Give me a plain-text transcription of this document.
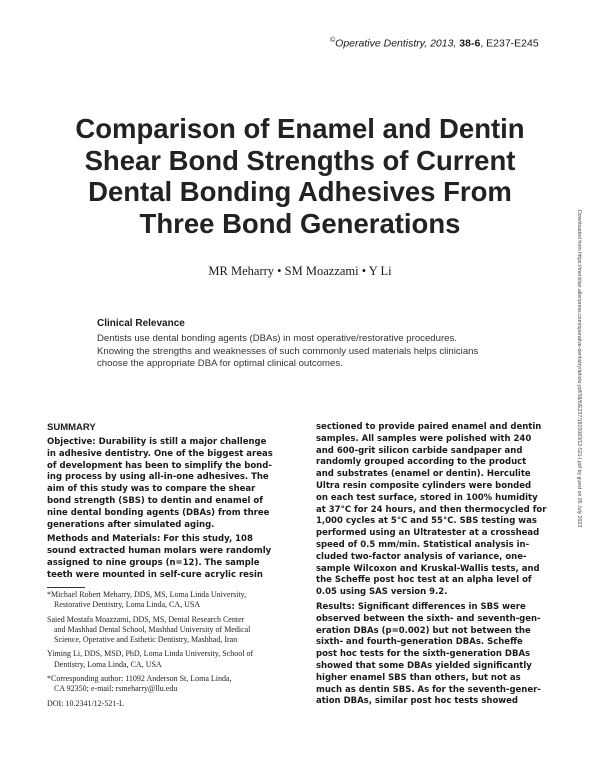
©Operative Dentistry, 2013, 38-6, E237-E245
Comparison of Enamel and Dentin
Shear Bond Strengths of Current
Dental Bonding Adhesives From
Three Bond Generations
MR Meharry • SM Moazzami • Y Li	Downloaded from https://meridian.allenpress.com/operative-dentistry/article-pdf/38/6/E237/1815083/12-521-l.pdf by guest on 05 July 2022
Clinical Relevance
Dentists use dental bonding agents (DBAs) in most operative/restorative procedures.
Knowing the strengths and weaknesses of such commonly used materials helps clinicians
choose the appropriate DBA for optimal clinical outcomes.
SUMMARY
Objective: Durability is still a major challenge
in adhesive dentistry. One of the biggest areas
of development has been to simplify the bond-
ing process by using all-in-one adhesives. The
aim of this study was to compare the shear
bond strength (SBS) to dentin and enamel of
nine dental bonding agents (DBAs) from three
generations after simulated aging.
Methods and Materials: For this study, 108
sound extracted human molars were randomly
assigned to nine groups (n=12). The sample
teeth were mounted in self-cure acrylic resin
sectioned to provide paired enamel and dentin
samples. All samples were polished with 240
and 600-grit silicon carbide sandpaper and
randomly grouped according to the product
and substrates (enamel or dentin). Herculite
Ultra resin composite cylinders were bonded
on each test surface, stored in 100% humidity
at 37°C for 24 hours, and then thermocycled for
1,000 cycles at 5°C and 55°C. SBS testing was
performed using an Ultratester at a crosshead
speed of 0.5 mm/min. Statistical analysis in-
cluded two-factor analysis of variance, one-
sample Wilcoxon and Kruskal-Wallis tests, and
the Scheffe post hoc test at an alpha level of
0.05 using SAS version 9.2.
Results: Significant differences in SBS were
observed between the sixth- and seventh-gen-
eration DBAs (p=0.002) but not between the
sixth- and fourth-generation DBAs. Scheffe
post hoc tests for the sixth-generation DBAs
showed that some DBAs yielded significantly
higher enamel SBS than others, but not as
much as dentin SBS. As for the seventh-gener-
ation DBAs, similar post hoc tests showed
*Michael Robert Meharry, DDS, MS, Loma Linda University,
Restorative Dentistry, Loma Linda, CA, USA
Saied Mostafa Moazzami, DDS, MS, Dental Research Center
and Mashhad Dental School, Mashhad University of Medical
Science, Operative and Esthetic Dentistry, Mashhad, Iran
Yiming Li, DDS, MSD, PhD, Loma Linda University, School of
Dentistry, Loma Linda, CA, USA
*Corresponding author: 11092 Anderson St, Loma Linda,
CA 92350; e-mail: rsmeharry@llu.edu
DOI: 10.2341/12-521-L
